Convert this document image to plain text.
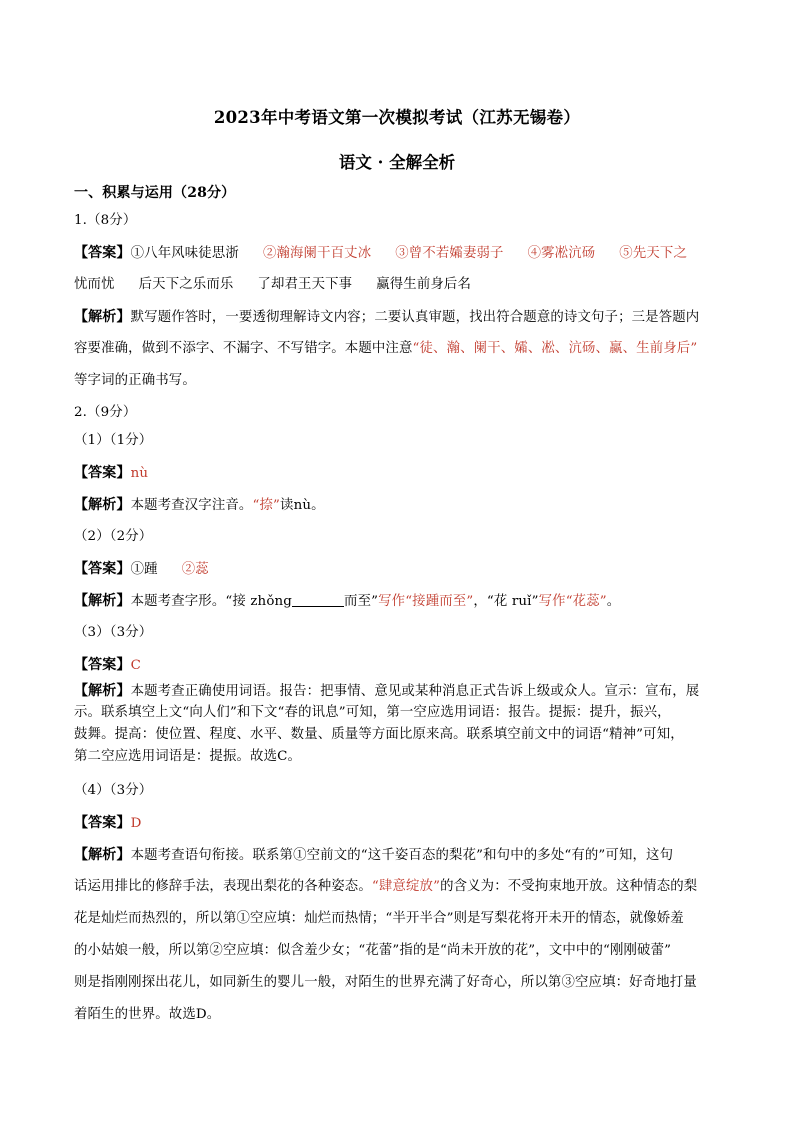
2023年中考语文第一次模拟考试（江苏无锡卷）
语文 · 全解全析
一、积累与运用（28分）
1.（8分）
【答案】①八年风味徒思浙 ②瀚海阑干百丈冰 ③曾不若孀妻弱子 ④雾凇沆砀 ⑤先天下之
忧而忧 后天下之乐而乐 了却君王天下事 赢得生前身后名
【解析】默写题作答时，一要透彻理解诗文内容；二要认真审题，找出符合题意的诗文句子；三是答题内
容要准确，做到不添字、不漏字、不写错字。本题中注意“徒、瀚、阑干、孀、凇、沆砀、赢、生前身后”
等字词的正确书写。
2.（9分）
（1）（1分）
【答案】nù
【解析】本题考查汉字注音。“捺”读nù。
（2）（2分）
【答案】①踵 ②蕊
【解析】本题考查字形。“接 zhǒng	而至”写作“接踵而至”，“花 ruǐ”写作“花蕊”。
（3）（3分）
【答案】C
【解析】本题考查正确使用词语。报告：把事情、意见或某种消息正式告诉上级或众人。宣示：宣布，展
示。联系填空上文“向人们”和下文“春的讯息”可知，第一空应选用词语：报告。提振：提升，振兴，
鼓舞。提高：使位置、程度、水平、数量、质量等方面比原来高。联系填空前文中的词语“精神”可知，
第二空应选用词语是：提振。故选C。
（4）（3分）
【答案】D
【解析】本题考查语句衔接。联系第①空前文的“这千姿百态的梨花”和句中的多处“有的”可知，这句
话运用排比的修辞手法，表现出梨花的各种姿态。“肆意绽放”的含义为：不受拘束地开放。这种情态的梨
花是灿烂而热烈的，所以第①空应填：灿烂而热情；“半开半合”则是写梨花将开未开的情态，就像娇羞
的小姑娘一般，所以第②空应填：似含羞少女；“花蕾”指的是“尚未开放的花”，文中中的“刚刚破蕾”
则是指刚刚探出花儿，如同新生的婴儿一般，对陌生的世界充满了好奇心，所以第③空应填：好奇地打量
着陌生的世界。故选D。
